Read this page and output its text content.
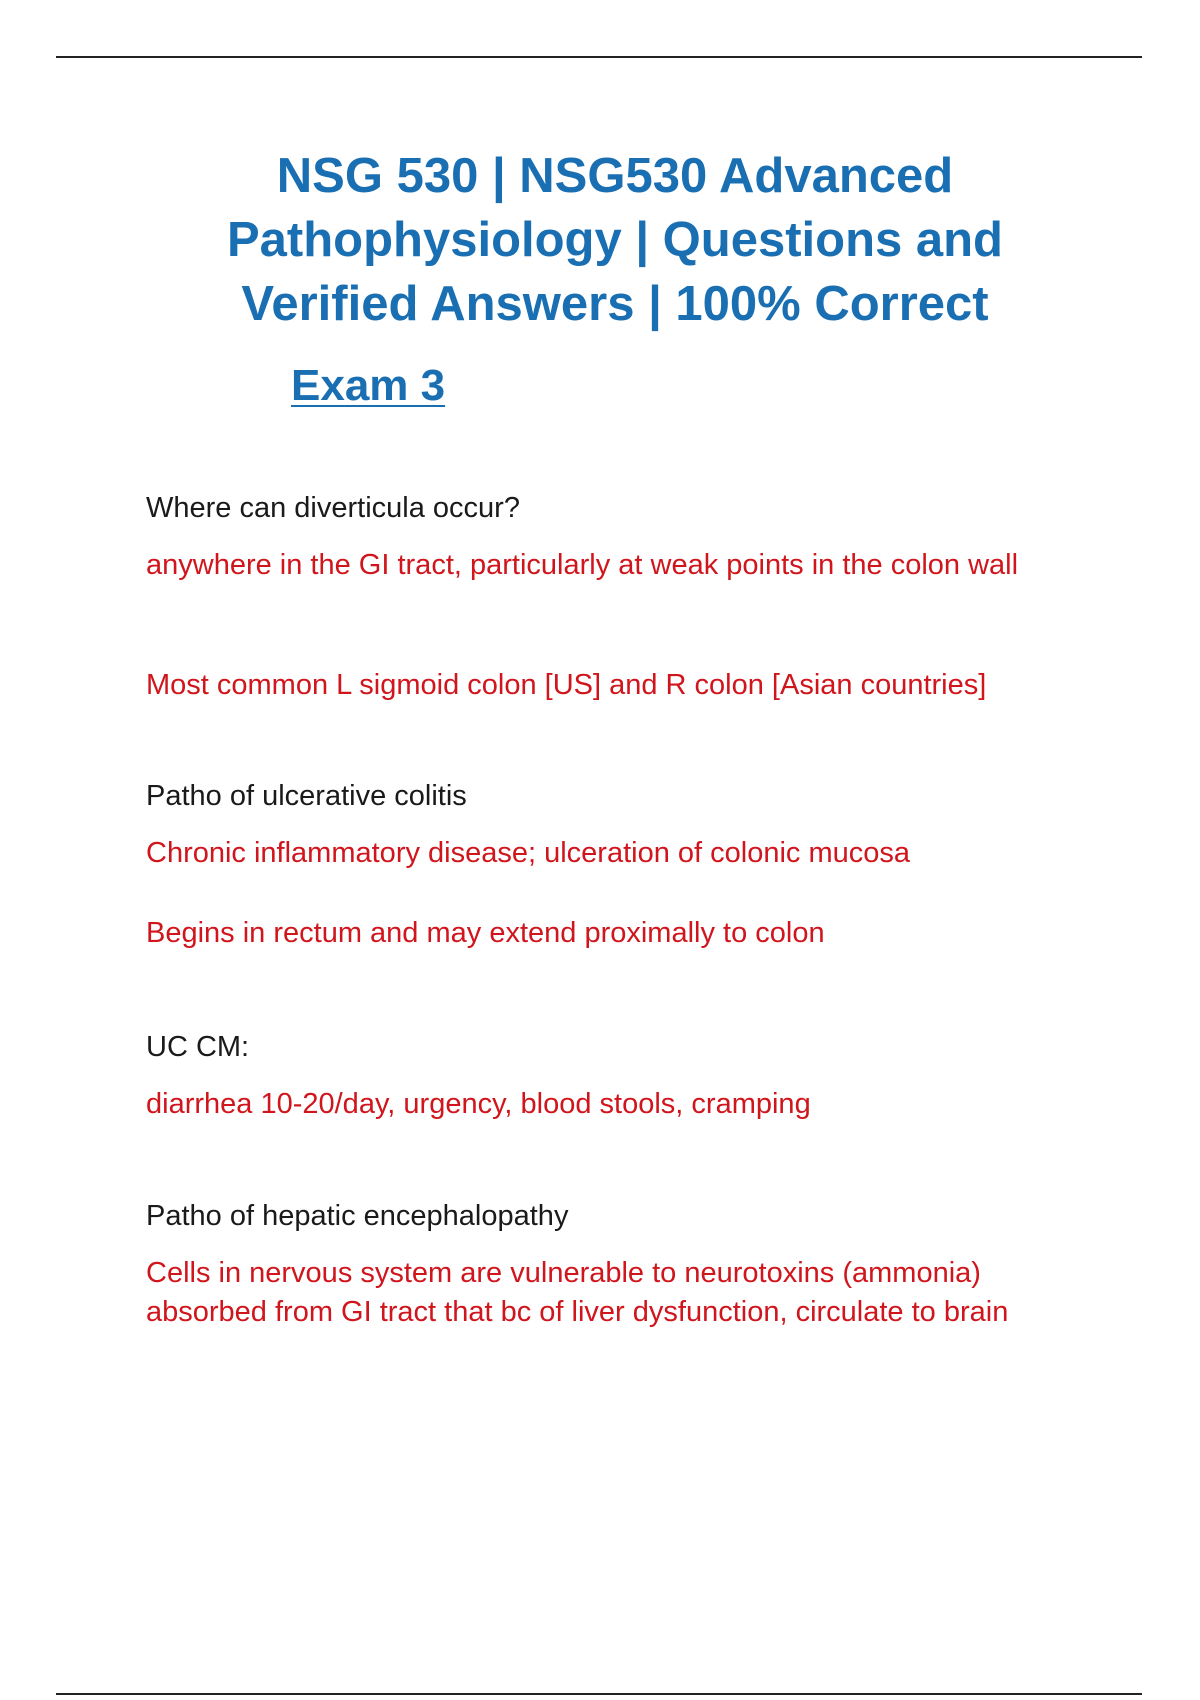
NSG 530 | NSG530 Advanced
Pathophysiology | Questions and
Verified Answers | 100% Correct
Exam 3

Where can diverticula occur?

anywhere in the GI tract, particularly at weak points in the colon wall

Most common L sigmoid colon [US] and R colon [Asian countries]

Patho of ulcerative colitis

Chronic inflammatory disease; ulceration of colonic mucosa

Begins in rectum and may extend proximally to colon

UC CM:

diarrhea 10-20/day, urgency, blood stools, cramping

Patho of hepatic encephalopathy

Cells in nervous system are vulnerable to neurotoxins (ammonia) absorbed from GI tract that bc of liver dysfunction, circulate to brain
